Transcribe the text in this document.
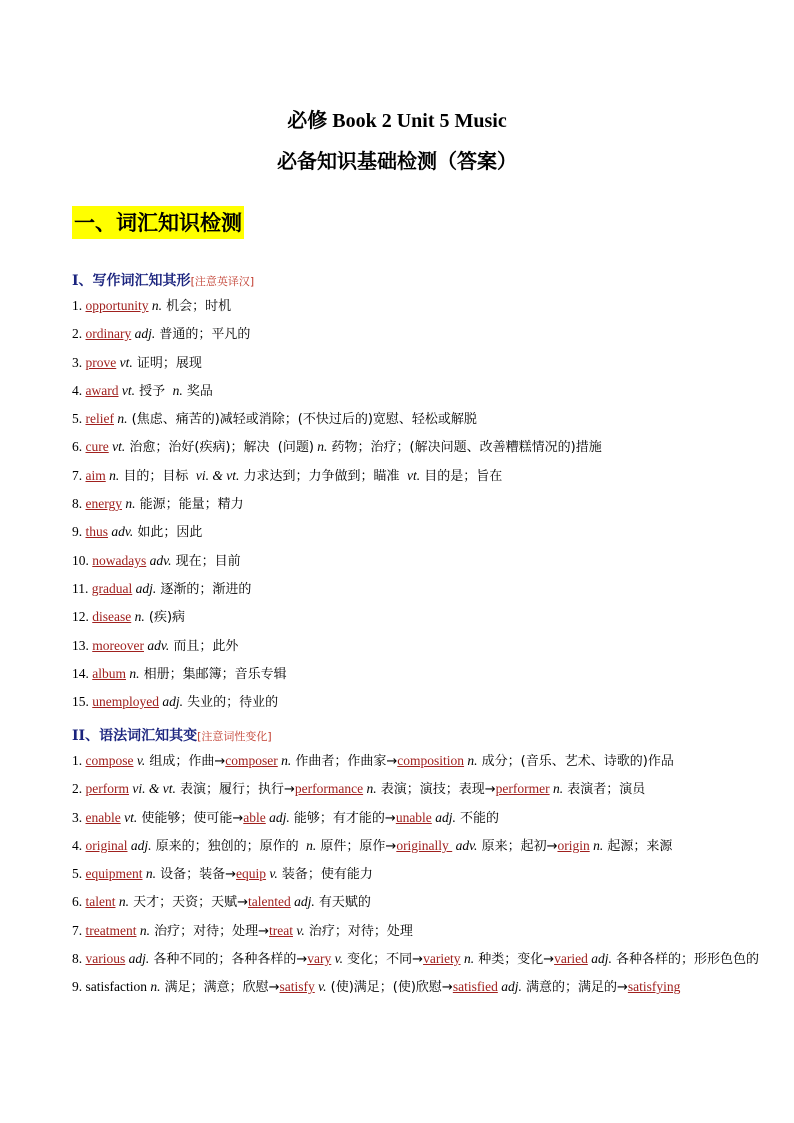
必修 Book 2 Unit 5 Music
必备知识基础检测（答案）
一、词汇知识检测
I、写作词汇知其形[注意英译汉]
1. opportunity n. 机会；时机
2. ordinary adj. 普通的；平凡的
3. prove vt. 证明；展现
4. award vt. 授予  n. 奖品
5. relief n. (焦虑、痛苦的)减轻或消除；(不快过后的)宽慰、轻松或解脱
6. cure vt. 治愈；治好(疾病)；解决  (问题) n. 药物；治疗；(解决问题、改善糟糕情况的)措施
7. aim n. 目的；目标  vi. & vt. 力求达到；力争做到；瞄准  vt. 目的是；旨在
8. energy n. 能源；能量；精力
9. thus adv. 如此；因此
10. nowadays adv. 现在；目前
11. gradual adj. 逐渐的；渐进的
12. disease n. (疾)病
13. moreover adv. 而且；此外
14. album n. 相册；集邮簿；音乐专辑
15. unemployed adj. 失业的；待业的
II、语法词汇知其变[注意词性变化]
1. compose v. 组成；作曲→composer n. 作曲者；作曲家→composition n. 成分；(音乐、艺术、诗歌的)作品
2. perform vi. & vt. 表演；履行；执行→performance n. 表演；演技；表现→performer n. 表演者；演员
3. enable vt. 使能够；使可能→able adj. 能够；有才能的→unable adj. 不能的
4. original adj. 原来的；独创的；原作的  n. 原件；原作→originally  adv. 原来；起初→origin n. 起源；来源
5. equipment n. 设备；装备→equip v. 装备；使有能力
6. talent n. 天才；天资；天赋→talented adj. 有天赋的
7. treatment n. 治疗；对待；处理→treat v. 治疗；对待；处理
8. various adj. 各种不同的；各种各样的→vary v. 变化；不同→variety n. 种类；变化→varied adj. 各种各样的；形形色色的
9. satisfaction n. 满足；满意；欣慰→satisfy v. (使)满足；(使)欣慰→satisfied adj. 满意的；满足的→satisfying
